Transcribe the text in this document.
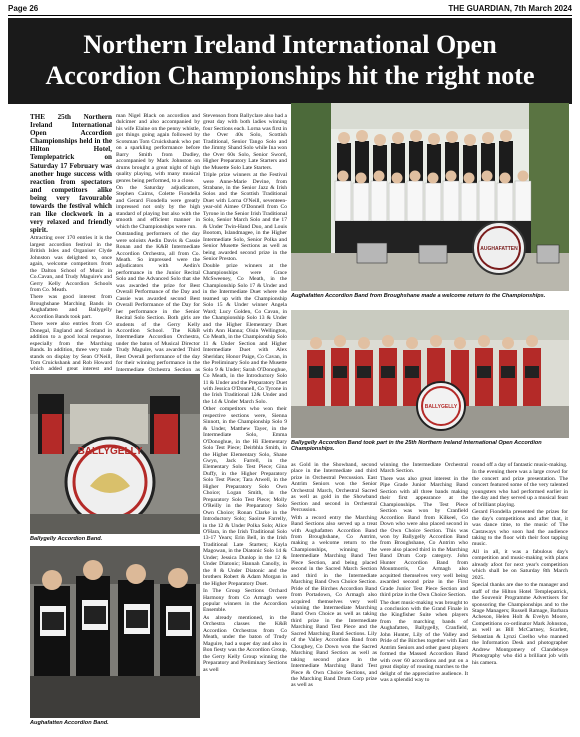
Page 26	THE GUARDIAN, 7th March 2024
Northern Ireland International Open
Accordion Championships hit the right note

THE 25th Northern Ireland International Open Accordion Championships held in the Hilton Hotel, Templepatrick on Saturday 17 February was another huge success with reaction from spectators and competitors alike being very favourable towards the festival which ran like clockwork in a very relaxed and friendly spirit.

Attracting over 170 entries it is the largest accordion festival in the British Isles and Organiser Clyde Johnston was delighted to, once again, welcome competitors from the Dalton School of Music in Co.Cavan, and Trudy Maguire's and Gerry Kelly Accordion Schools from Co. Meath.

There was good interest from Broughshane Marching Bands in Aughafatten and Ballygelly Accordion Bands took part.

There were also entries from Co Donegal, England and Scotland in addition to a good local response, especially from the Marching Bands. In addition, three very trade stands on display by Sean O'Neill, Tom Cruickshank and Rob Howard which added great interest and

man Nigel Black on accordion and dulcimer and also accompanied by his wife Elaine on the penny whistle, got things going again followed by Scotsman Tom Cruickshank who put on a sparkling performance before Barry Smith from Dudley, accompanied by Mark Johnston on drums brought a great night of high quality playing, with many musical genres being performed, to a close.

On the Saturday adjudicators, Stephen Cairns, Colette Fiondella and Gerard Fiondella were greatly impressed not only by the high standard of playing but also with the smooth and efficient manner in which the Championships were run.

Outstanding performers of the day were soloists Aedin Davis & Cassie Ronan and the K&B Intermediate Accordion Orchestra, all from Co. Meath. So impressed were the adjudicators with Aedin's performance in the Junior Recital Solo and the Advanced Solo that she was awarded the prize for Best Overall Performance of the Day and Cassie was awarded second Best Overall Performance of the Day for her performance in the Senior Recital Solo Section. Both girls are students of the Gerry Kelly Accordion School. The K&B Intermediate Accordion Orchestra, under the baton of Musical Director Trudy Maguire, was awarded Third Best Overall performance of the day for their winning performance in the Intermediate Orchestra Section as

Stevenson from Ballyclare also had a great day with both ladies winning four Sections each. Lorna was first in the Over 40s Solo, Scottish Traditional, Senior Tango Solo and the Jimmy Shand Solo while Ina won the Over 60s Solo, Senior Sword, Higher Preparatory Late Starters and the Musette Solo Late Starters.

Triple prize winners at the Festival were Anne-Marie Devine, from Strabane, in the Senior Jazz & Irish Solos and the Scottish Traditional Duet with Lorna O'Neill, seventeen-year-old Aimee O'Donnell from Co Tyrone in the Senior Irish Traditional Solo, Senior March Solo and the 17 & Under Twin-Hand Duo, and Louis Bootom, Islandmagee, in the Higher Intermediate Solo, Senior Polka and Senior Musette Sections as well as being awarded second prize in the Senior Preston.

Double prize winners at the Championships were Grace McSweeney, Co Meath, in the Championship Solo 17 & Under and in the Intermediate Duet where she teamed up with the Championship Solo 15 & Under winner Angela Ward; Lucy Golden, Co Cavan, in the Championship Solo 13 & Under and the Higher Elementary Duet with Ann Hanna; Oisin Wellington, Co Meath, in the Championship Solo 11 & Under Section and Higher Intermediate Duet with Alex Sheridan; Honor Paige, Co Cavan, in the Preliminary Solo and the Musette Solo 9 & Under; Sarah O'Donoghue, Co Meath, in the Introductory Solo 11 & Under and the Preparatory Duet with Jessica O'Donnell, Co Tyrone in the Irish Traditional 12& Under and the 14 & Under March Solo.

Other competitors who won their respective sections were, Sienna Sinnott, in the Championship Solo 9 & Under, Matthew Tayer, in the Intermediate Solo, Emma O'Donoghue, in the Hi Elementary Solo Test Piece; Deirbhla Smith, in the Higher Elementary Solo, Shane Gwyn, Jack Farrell, in the Elementary Solo Test Piece; Gina Duffy, in the Higher Preparatory Solo Test Piece; Tara Atwell, in the Higher Preparatory Solo Own Choice; Logan Smith, in the Preparatory Solo Test Piece; Molly O'Reilly in the Preparatory Solo Own Choice; Ronan Clarke in the Introductory Solo; Saoirse Farrelly, in the 12 & Under Polka Solo; Alice O'Hara, in the Irish Traditional Solo 13-17 Years; Erin Bell, in the Irish Traditional Late Starters; Kayla Magowan, in the Diatonic Solo 14 & Under; Jessica Dunlop in the 12 & Under Diatonic; Hannah Canolly, in the 8 & Under Diatonic and the brothers Robert & Adam Morgan in the Higher Preparatory Duet.

In The Group Sections Orchard Harmony from Co Armagh were popular winners in the Accordion Ensemble.

As already mentioned, in the Orchestra classes the K&B Accordion Orchestras from Co Meath, under the baton of Trudy Maguire, had a super day and also in Bon fiesty was the Accordion Group, the Gerry Kelly Group winning the Preparatory and Preliminary Sections as well

as Gold in the Showband, second place in the Intermediate and third prize in Orchestral Percussion. East Antrim Seniors won the Senior Orchestral March, Orchestral Sacred as well as gold in the Showband Section and second in Orchestral Percussion.

With a record entry the Marching Band Sections also served up a treat with Aughafatten Accordion Band from Broughshane, Co Antrim, making a welcome return to the Championships, winning the Intermediate Marching Band Test Piece Section, and being placed second in the Sacred March Section and third in the Intermediate Marching Band Own Choice Section. Pride of the Birches Accordion Band from Portadown, Co Armagh also acquired themselves very well winning the Intermediate Marching Band Own Choice as well as taking third prize in the Intermediate Marching Band Test Piece and the Sacred Marching Band Sections. Lily of the Valley Accordion Band from Cloughey, Co Down won the Sacred Marching Band Section as well as taking second place in the Intermediate Marching Band Test Piece & Own Choice Sections, and the Marching Band Drum Corp prize as well as

winning the Intermediate Orchestral March Section.

There was also great interest in the Pipe Grade Junior Marching Band Section with all three bands making their first appearance at the Championships. The Test Piece Section was won by Cranfield Accordion Band from Kilkeel, Co Down who were also placed second in the Own Choice Section. This was won by Ballygelly Accordion Band from Broughshane, Co Antrim who were also placed third in the Marching Band Drum Corp category. John Hunter Accordion Band from Mountnorris, Co Armagh also acquitted themselves very well being awarded second prize in the First Grade Junior Test Piece Section and third prize in the Own Choice Section.

The duet music-making was brought to a conclusion with the Grand Finale in the Kingfisher Suite when players from the marching bands of Aughafatten, Ballygelly, Cranfield, John Hunter, Lily of the Valley and Pride of the Birches together with East Antrim Seniors and other guest players formed the Massed Accordion Band with over 60 accordions and put on a great display of rousing marches to the delight of the appreciative audience. It was a splendid way to

round off a day of fantastic music-making.

In the evening there was a large crowd for the concert and prize presentation. The concert featured some of the very talented youngsters who had performed earlier in the day and they served up a musical feast of brilliant playing.

Gerard Fiondella presented the prizes for the day's competitions and after that, it was dance time, to the music of The Castaways who soon had the audience taking to the floor with their foot tapping music.

All in all, it was a fabulous day's competition and music-making with plans already afoot for next year's competition which shall be on Saturday 8th March 2025.

Special thanks are due to the manager and staff of the Hilton Hotel Templepatrick, the Souvenir Programme Advertisers for sponsoring the Championships and to the Stage Managers; Russell Ramage, Barbara Acheson, Helen Holt & Evelyn Moore, Competitions co-ordinator Mark Johnston, as well as Bill McCartney, Scarlett, Sebastian & Lynzi Coelho who manned the Information Desk and photographer Andrew Montgomery of Clandeboye Photography who did a brilliant job with his camera.

AUGHAFATTEN
Aughafatten Accordion Band from Broughshane made a welcome return to the Championships.
BALLYGELLY
Ballygelly Accordion Band took part in the 25th Northern Ireland International Open Accordion Championships.
BALLYGELLY
Ballygelly Accordion Band.
Aughafatten Accordion Band.
